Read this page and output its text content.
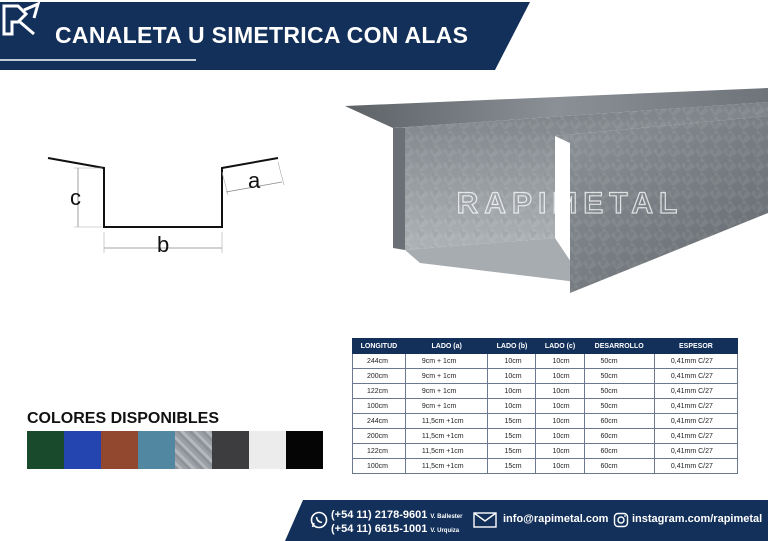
CANALETA U SIMETRICA CON ALAS
c
b
a
RAPIMETAL
LONGITUD	LADO (a)	LADO (b)	LADO (c)	DESARROLLO	ESPESOR
244cm	9cm + 1cm	10cm	10cm	50cm	0,41mm C/27
200cm	9cm + 1cm	10cm	10cm	50cm	0,41mm C/27
122cm	9cm + 1cm	10cm	10cm	50cm	0,41mm C/27
100cm	9cm + 1cm	10cm	10cm	50cm	0,41mm C/27
244cm	11,5cm +1cm	15cm	10cm	60cm	0,41mm C/27
200cm	11,5cm +1cm	15cm	10cm	60cm	0,41mm C/27
122cm	11,5cm +1cm	15cm	10cm	60cm	0,41mm C/27
100cm	11,5cm +1cm	15cm	10cm	60cm	0,41mm C/27
COLORES DISPONIBLES
(+54 11) 2178-9601 V. Ballester
(+54 11) 6615-1001 V. Urquiza
info@rapimetal.com instagram.com/rapimetal
